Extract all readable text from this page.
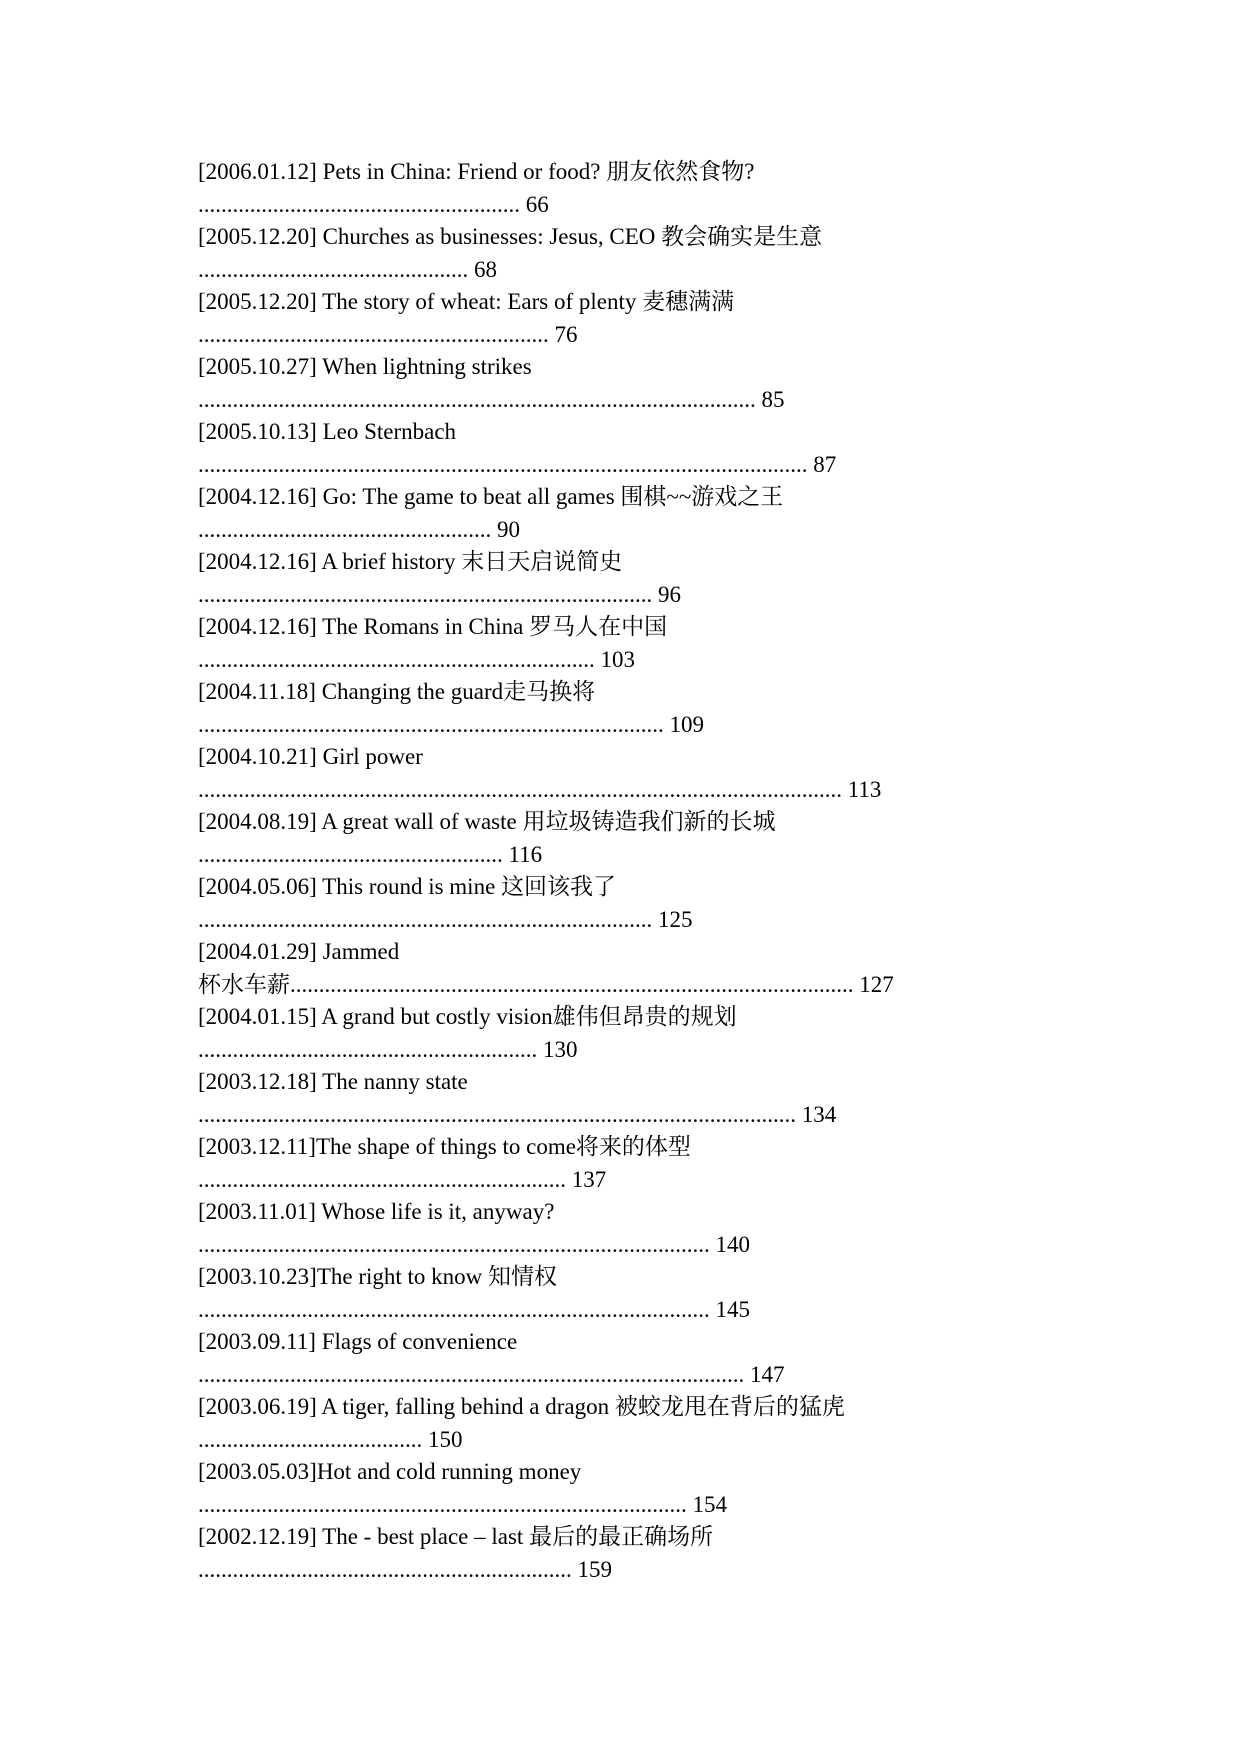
[2006.01.12] Pets in China: Friend or food? 朋友依然食物?
........................................................ 66
[2005.12.20] Churches as businesses: Jesus, CEO 教会确实是生意
............................................... 68
[2005.12.20] The story of wheat: Ears of plenty 麦穗满满
............................................................. 76
[2005.10.27] When lightning strikes
................................................................................................. 85
[2005.10.13] Leo Sternbach
.......................................................................................................... 87
[2004.12.16] Go: The game to beat all games 围棋~~游戏之王
................................................... 90
[2004.12.16] A brief history 末日天启说简史
............................................................................... 96
[2004.12.16] The Romans in China 罗马人在中国
..................................................................... 103
[2004.11.18] Changing the guard走马换将
................................................................................. 109
[2004.10.21] Girl power
................................................................................................................ 113
[2004.08.19] A great wall of waste 用垃圾铸造我们新的长城
..................................................... 116
[2004.05.06] This round is mine 这回该我了
............................................................................... 125
[2004.01.29] Jammed
杯水车薪.................................................................................................. 127
[2004.01.15] A grand but costly vision雄伟但昂贵的规划
........................................................... 130
[2003.12.18] The nanny state
........................................................................................................ 134
[2003.12.11]The shape of things to come将来的体型
................................................................ 137
[2003.11.01] Whose life is it, anyway?
......................................................................................... 140
[2003.10.23]The right to know 知情权
......................................................................................... 145
[2003.09.11] Flags of convenience
............................................................................................... 147
[2003.06.19] A tiger, falling behind a dragon 被蛟龙甩在背后的猛虎
....................................... 150
[2003.05.03]Hot and cold running money
..................................................................................... 154
[2002.12.19] The - best place – last 最后的最正确场所
................................................................. 159
